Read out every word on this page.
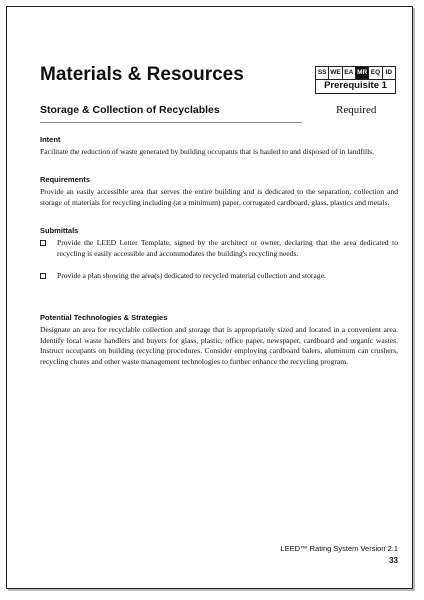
Materials & Resources	SS WE EA MR EQ ID
Prerequisite 1
Storage & Collection of Recyclables	Required
Intent
Facilitate the reduction of waste generated by building occupants that is hauled to and disposed of in landfills.
Requirements
Provide an easily accessible area that serves the entire building and is dedicated to the separation, collection and storage of materials for recycling including (at a minimum) paper, corrugated cardboard, glass, plastics and metals.
Submittals
Provide the LEED Letter Template, signed by the architect or owner, declaring that the area dedicated to recycling is easily accessible and accommodates the building's recycling needs.
Provide a plan showing the area(s) dedicated to recycled material collection and storage.
Potential Technologies & Strategies
Designate an area for recyclable collection and storage that is appropriately sized and located in a convenient area. Identify local waste handlers and buyers for glass, plastic, office paper, newspaper, cardboard and organic wastes. Instruct occupants on building recycling procedures. Consider employing cardboard balers, aluminum can crushers, recycling chutes and other waste management technologies to further enhance the recycling program.
LEED™ Rating System Version 2.1
33
